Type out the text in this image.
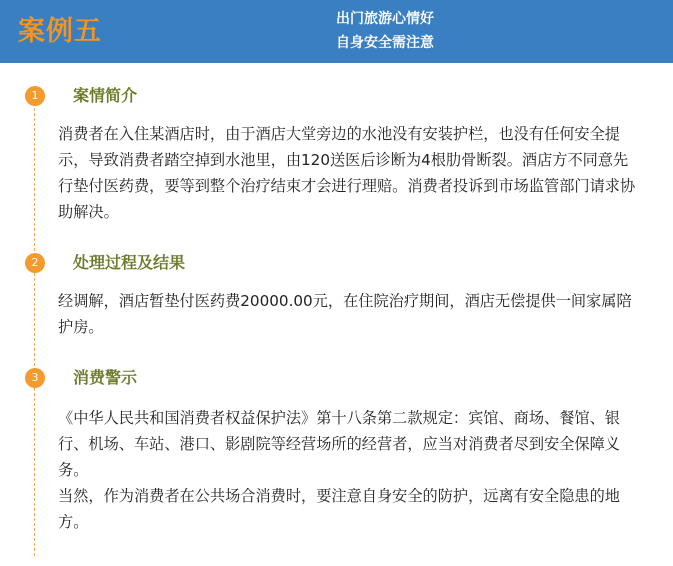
案例五	出门旅游心情好
自身安全需注意
1	案情简介

消费者在入住某酒店时，由于酒店大堂旁边的水池没有安装护栏，也没有任何安全提示，导致消费者踏空掉到水池里，由120送医后诊断为4根肋骨断裂。酒店方不同意先行垫付医药费，要等到整个治疗结束才会进行理赔。消费者投诉到市场监管部门请求协助解决。

2	处理过程及结果

经调解，酒店暂垫付医药费20000.00元，在住院治疗期间，酒店无偿提供一间家属陪护房。

3	消费警示

《中华人民共和国消费者权益保护法》第十八条第二款规定：宾馆、商场、餐馆、银行、机场、车站、港口、影剧院等经营场所的经营者，应当对消费者尽到安全保障义务。

当然，作为消费者在公共场合消费时，要注意自身安全的防护，远离有安全隐患的地方。
